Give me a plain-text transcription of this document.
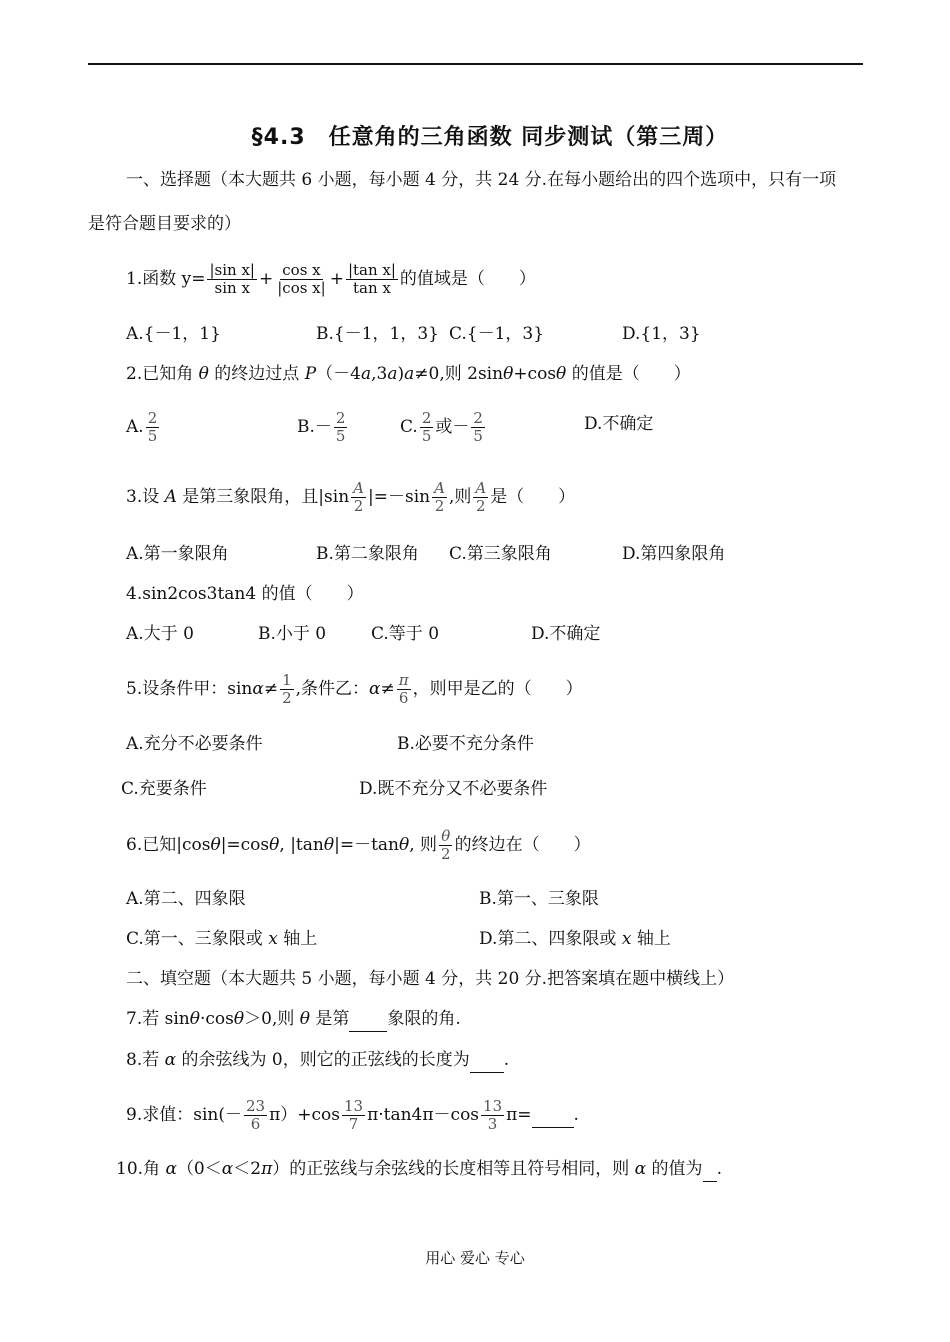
§4.3　任意角的三角函数 同步测试（第三周）
一、选择题（本大题共 6 小题，每小题 4 分，共 24 分.在每小题给出的四个选项中，只有一项
是符合题目要求的）
1.函数 $y= \frac{\text{|sin x|}}{\text{sin x}} + \frac{\text{cos x}}{\text{|cos x|}} + \frac{\text{|tan x|}}{\text{tan x}}$ 的值域是（　　）
A.{－1，1}	B.{－1，1，3} C.{－1，3}	D.{1，3}
2.已知角 θ 的终边过点 P（－4a,3a)a≠0,则 2sinθ+cosθ 的值是（　　）
A. $\frac{2}{5}$	$B.- \frac{2}{5}$	C. $\frac{2}{5}$ 或－ $\frac{2}{5}$	D.不确定
3.设 A 是第三象限角，且$|\sin \frac{A}{2} |=-\sin \frac{A}{2}$ ,则 $\frac{A}{2}$ 是（　　）
A.第一象限角	B.第二象限角 C.第三象限角	D.第四象限角
4.sin2cos3tan4 的值（　　）
A.大于 0	B.小于 0	C.等于 0	D.不确定
5.设条件甲：$\sin\alpha\ne \frac{1}{2}$ ,条件乙：$\alpha\ne \frac{\pi}{6}$ ，则甲是乙的（　　）
A.充分不必要条件	B.必要不充分条件
C.充要条件	D.既不充分又不必要条件
6.已知|cosθ|=cosθ, |tanθ|=－tanθ, 则 $\frac{\theta}{2}$ 的终边在（　　）
A.第二、四象限	B.第一、三象限
C.第一、三象限或 x 轴上	D.第二、四象限或 x 轴上
二、填空题（本大题共 5 小题，每小题 4 分，共 20 分.把答案填在题中横线上）
7.若 sinθ·cosθ＞0,则 θ 是第 象限的角.
8.若 α 的余弦线为 0，则它的正弦线的长度为 .
9.求值：$\sin(- \frac{23}{6} \pi)+\cos \frac{13}{7} \pi\cdot\tan 4\pi-\cos \frac{13}{3} \pi=$ .
10.角 α（0＜α＜2π）的正弦线与余弦线的长度相等且符号相同，则 α 的值为 .
用心 爱心 专心
